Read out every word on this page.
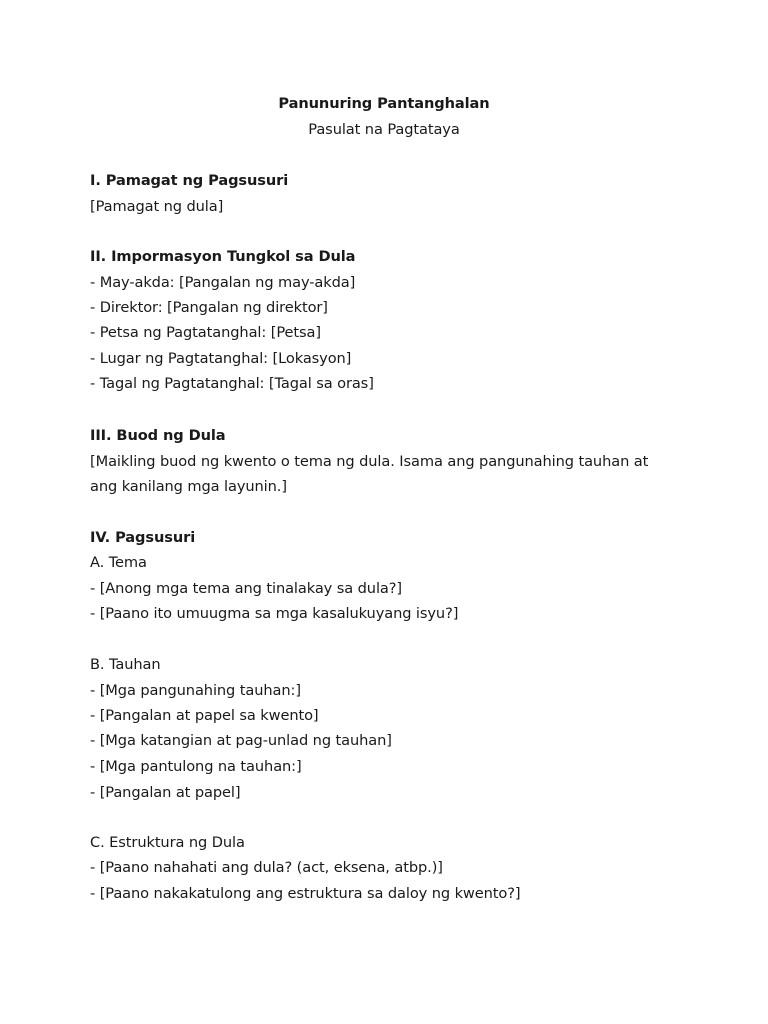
Panunuring Pantanghalan
Pasulat na Pagtataya
I. Pamagat ng Pagsusuri
[Pamagat ng dula]
II. Impormasyon Tungkol sa Dula
- May-akda: [Pangalan ng may-akda]
- Direktor: [Pangalan ng direktor]
- Petsa ng Pagtatanghal: [Petsa]
- Lugar ng Pagtatanghal: [Lokasyon]
- Tagal ng Pagtatanghal: [Tagal sa oras]
III. Buod ng Dula
[Maikling buod ng kwento o tema ng dula. Isama ang pangunahing tauhan at
ang kanilang mga layunin.]
IV. Pagsusuri
A. Tema
- [Anong mga tema ang tinalakay sa dula?]
- [Paano ito umuugma sa mga kasalukuyang isyu?]
B. Tauhan
- [Mga pangunahing tauhan:]
- [Pangalan at papel sa kwento]
- [Mga katangian at pag-unlad ng tauhan]
- [Mga pantulong na tauhan:]
- [Pangalan at papel]
C. Estruktura ng Dula
- [Paano nahahati ang dula? (act, eksena, atbp.)]
- [Paano nakakatulong ang estruktura sa daloy ng kwento?]
